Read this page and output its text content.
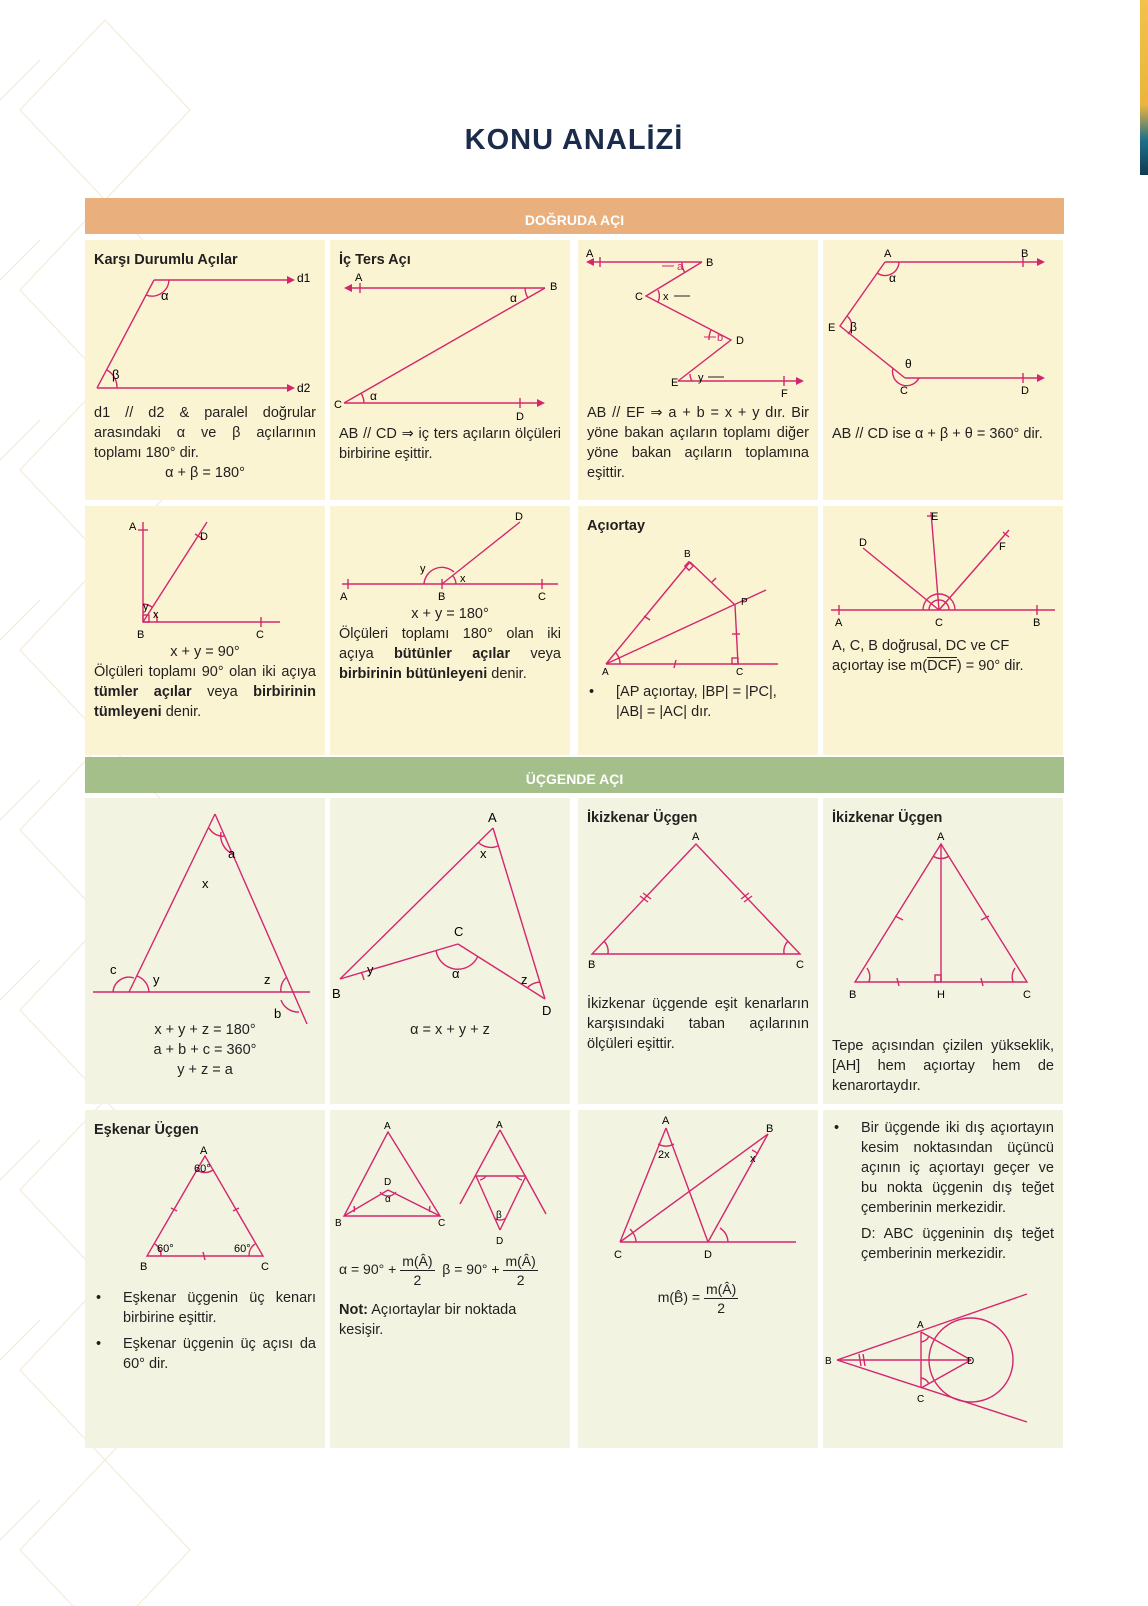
KONU ANALİZİ
DOĞRUDA AÇI
Karşı Durumlu Açılar
d1
d2
α
β

d1 // d2 & paralel doğrular arasındaki α ve β açılarının toplamı 180° dir.

α + β = 180°

İç Ters Açı
A
B
C
D
α
α

AB // CD ⇒ iç ters açıların ölçüleri birbirine eşittir.

A
B
C
D
E
F
a
b
x
y

AB // EF ⇒ a + b = x + y dır. Bir yöne bakan açıların toplamı diğer yöne bakan açıların toplamına eşittir.

A	B
E
C	D
α
β
θ

AB // CD ise α + β + θ = 360° dir.

A
D
B	C
y
x

x + y = 90°

Ölçüleri toplamı 90° olan iki açıya tümler açılar veya birbirinin tümleyeni denir.

D
A	B	C
y
x

x + y = 180°

Ölçüleri toplamı 180° olan iki açıya bütünler açılar veya birbirinin bütünleyeni denir.

Açıortay
B
P
A	C

• [AP açıortay, |BP| = |PC|,
|AB| = |AC| dır.

E
D	F
A	C	B

A, C, B doğrusal, DC ve CF açıortay ise m(DCF) = 90° dir.

ÜÇGENDE AÇI
a
x
c
y	z
b

x + y + z = 180°

a + b + c = 360°

y + z = a

A
x
C
α
y
B
z
D

α = x + y + z

İkizkenar Üçgen
A
B	C

İkizkenar üçgende eşit kenarların karşısındaki taban açılarının ölçüleri eşittir.

İkizkenar Üçgen
A
B	H	C

Tepe açısından çizilen yükseklik, [AH] hem açıortay hem de kenarortaydır.

Eşkenar Üçgen
A
60°
60°	60°
B	C

• Eşkenar üçgenin üç kenarı birbirine eşittir.

• Eşkenar üçgenin üç açısı da 60° dir.

A
D
α
B	C
A
β
D
$\alpha = 90^\circ + \frac{m(Â)}{2}$ $\beta = 90^\circ + \frac{m(Â)}{2}$

Not: Açıortaylar bir noktada kesişir.

A
2x
B
x
C	D
m(B̂) = $\frac{m(Â)}{2}$

• Bir üçgende iki dış açıortayın kesim noktasından üçüncü açının iç açıortayı geçer ve bu nokta üçgenin dış teğet çemberinin merkezidir.

D: ABC üçgeninin dış teğet çemberinin merkezidir.

A
B
C
D
